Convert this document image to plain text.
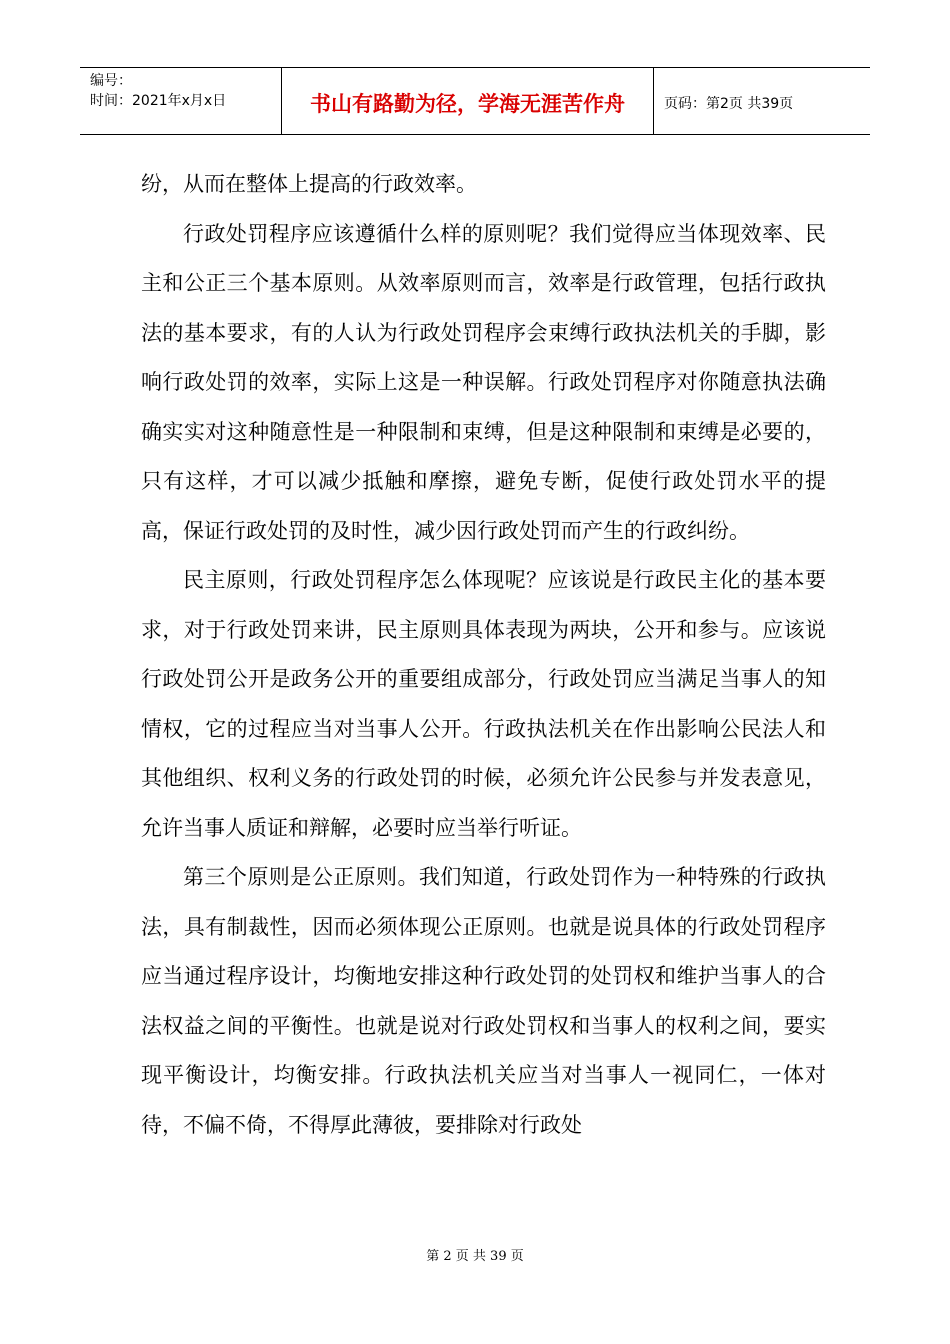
编号：
时间：2021年x月x日	书山有路勤为径，学海无涯苦作舟	页码：第2页 共39页

纷，从而在整体上提高的行政效率。

行政处罚程序应该遵循什么样的原则呢？我们觉得应当体现效率、民主和公正三个基本原则。从效率原则而言，效率是行政管理，包括行政执法的基本要求，有的人认为行政处罚程序会束缚行政执法机关的手脚，影响行政处罚的效率，实际上这是一种误解。行政处罚程序对你随意执法确确实实对这种随意性是一种限制和束缚，但是这种限制和束缚是必要的，只有这样，才可以减少抵触和摩擦，避免专断，促使行政处罚水平的提高，保证行政处罚的及时性，减少因行政处罚而产生的行政纠纷。

民主原则，行政处罚程序怎么体现呢？应该说是行政民主化的基本要求，对于行政处罚来讲，民主原则具体表现为两块，公开和参与。应该说行政处罚公开是政务公开的重要组成部分，行政处罚应当满足当事人的知情权，它的过程应当对当事人公开。行政执法机关在作出影响公民法人和其他组织、权利义务的行政处罚的时候，必须允许公民参与并发表意见，允许当事人质证和辩解，必要时应当举行听证。

第三个原则是公正原则。我们知道，行政处罚作为一种特殊的行政执法，具有制裁性，因而必须体现公正原则。也就是说具体的行政处罚程序应当通过程序设计，均衡地安排这种行政处罚的处罚权和维护当事人的合法权益之间的平衡性。也就是说对行政处罚权和当事人的权利之间，要实现平衡设计，均衡安排。行政执法机关应当对当事人一视同仁，一体对待，不偏不倚，不得厚此薄彼，要排除对行政处

第 2 页 共 39 页
